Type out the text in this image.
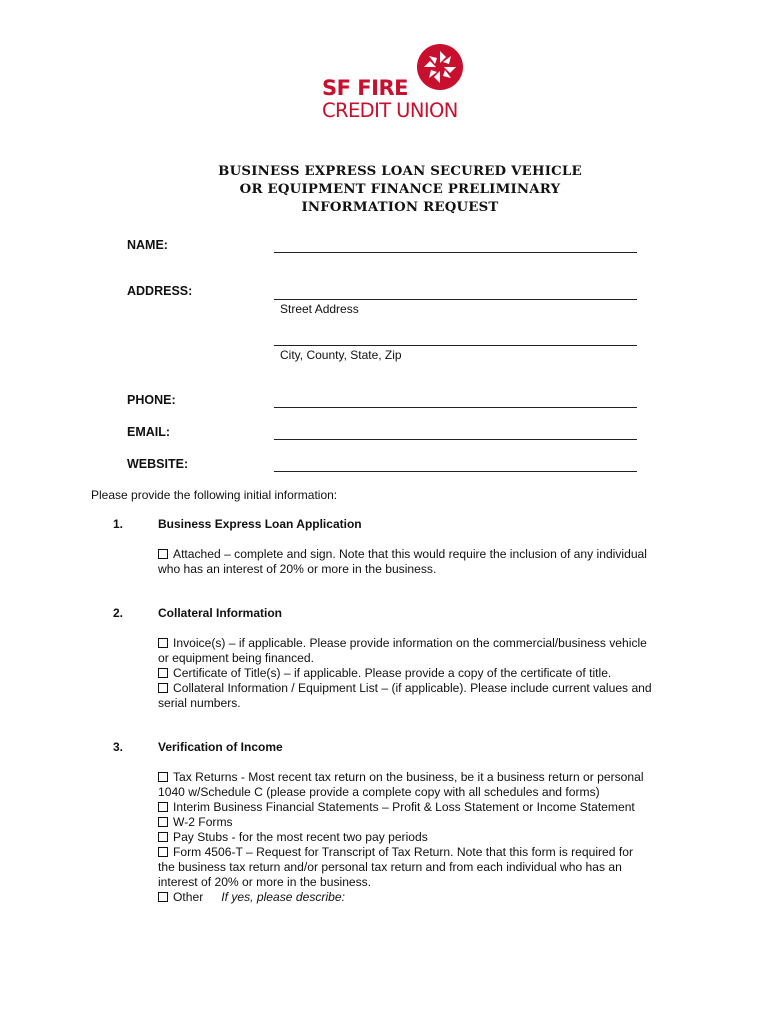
SF FIRE
CREDIT UNION
BUSINESS EXPRESS LOAN SECURED VEHICLE
OR EQUIPMENT FINANCE PRELIMINARY
INFORMATION REQUEST
NAME:
ADDRESS:
Street Address
City, County, State, Zip
PHONE:
EMAIL:
WEBSITE:
Please provide the following initial information:
1.	Business Express Loan Application
Attached – complete and sign. Note that this would require the inclusion of any individual
who has an interest of 20% or more in the business.
2.	Collateral Information
Invoice(s) – if applicable. Please provide information on the commercial/business vehicle
or equipment being financed.
Certificate of Title(s) – if applicable. Please provide a copy of the certificate of title.
Collateral Information / Equipment List – (if applicable). Please include current values and
serial numbers.
3.	Verification of Income
Tax Returns - Most recent tax return on the business, be it a business return or personal
1040 w/Schedule C (please provide a complete copy with all schedules and forms)
Interim Business Financial Statements – Profit & Loss Statement or Income Statement
W-2 Forms
Pay Stubs - for the most recent two pay periods
Form 4506-T – Request for Transcript of Tax Return. Note that this form is required for
the business tax return and/or personal tax return and from each individual who has an
interest of 20% or more in the business.
Other If yes, please describe:
